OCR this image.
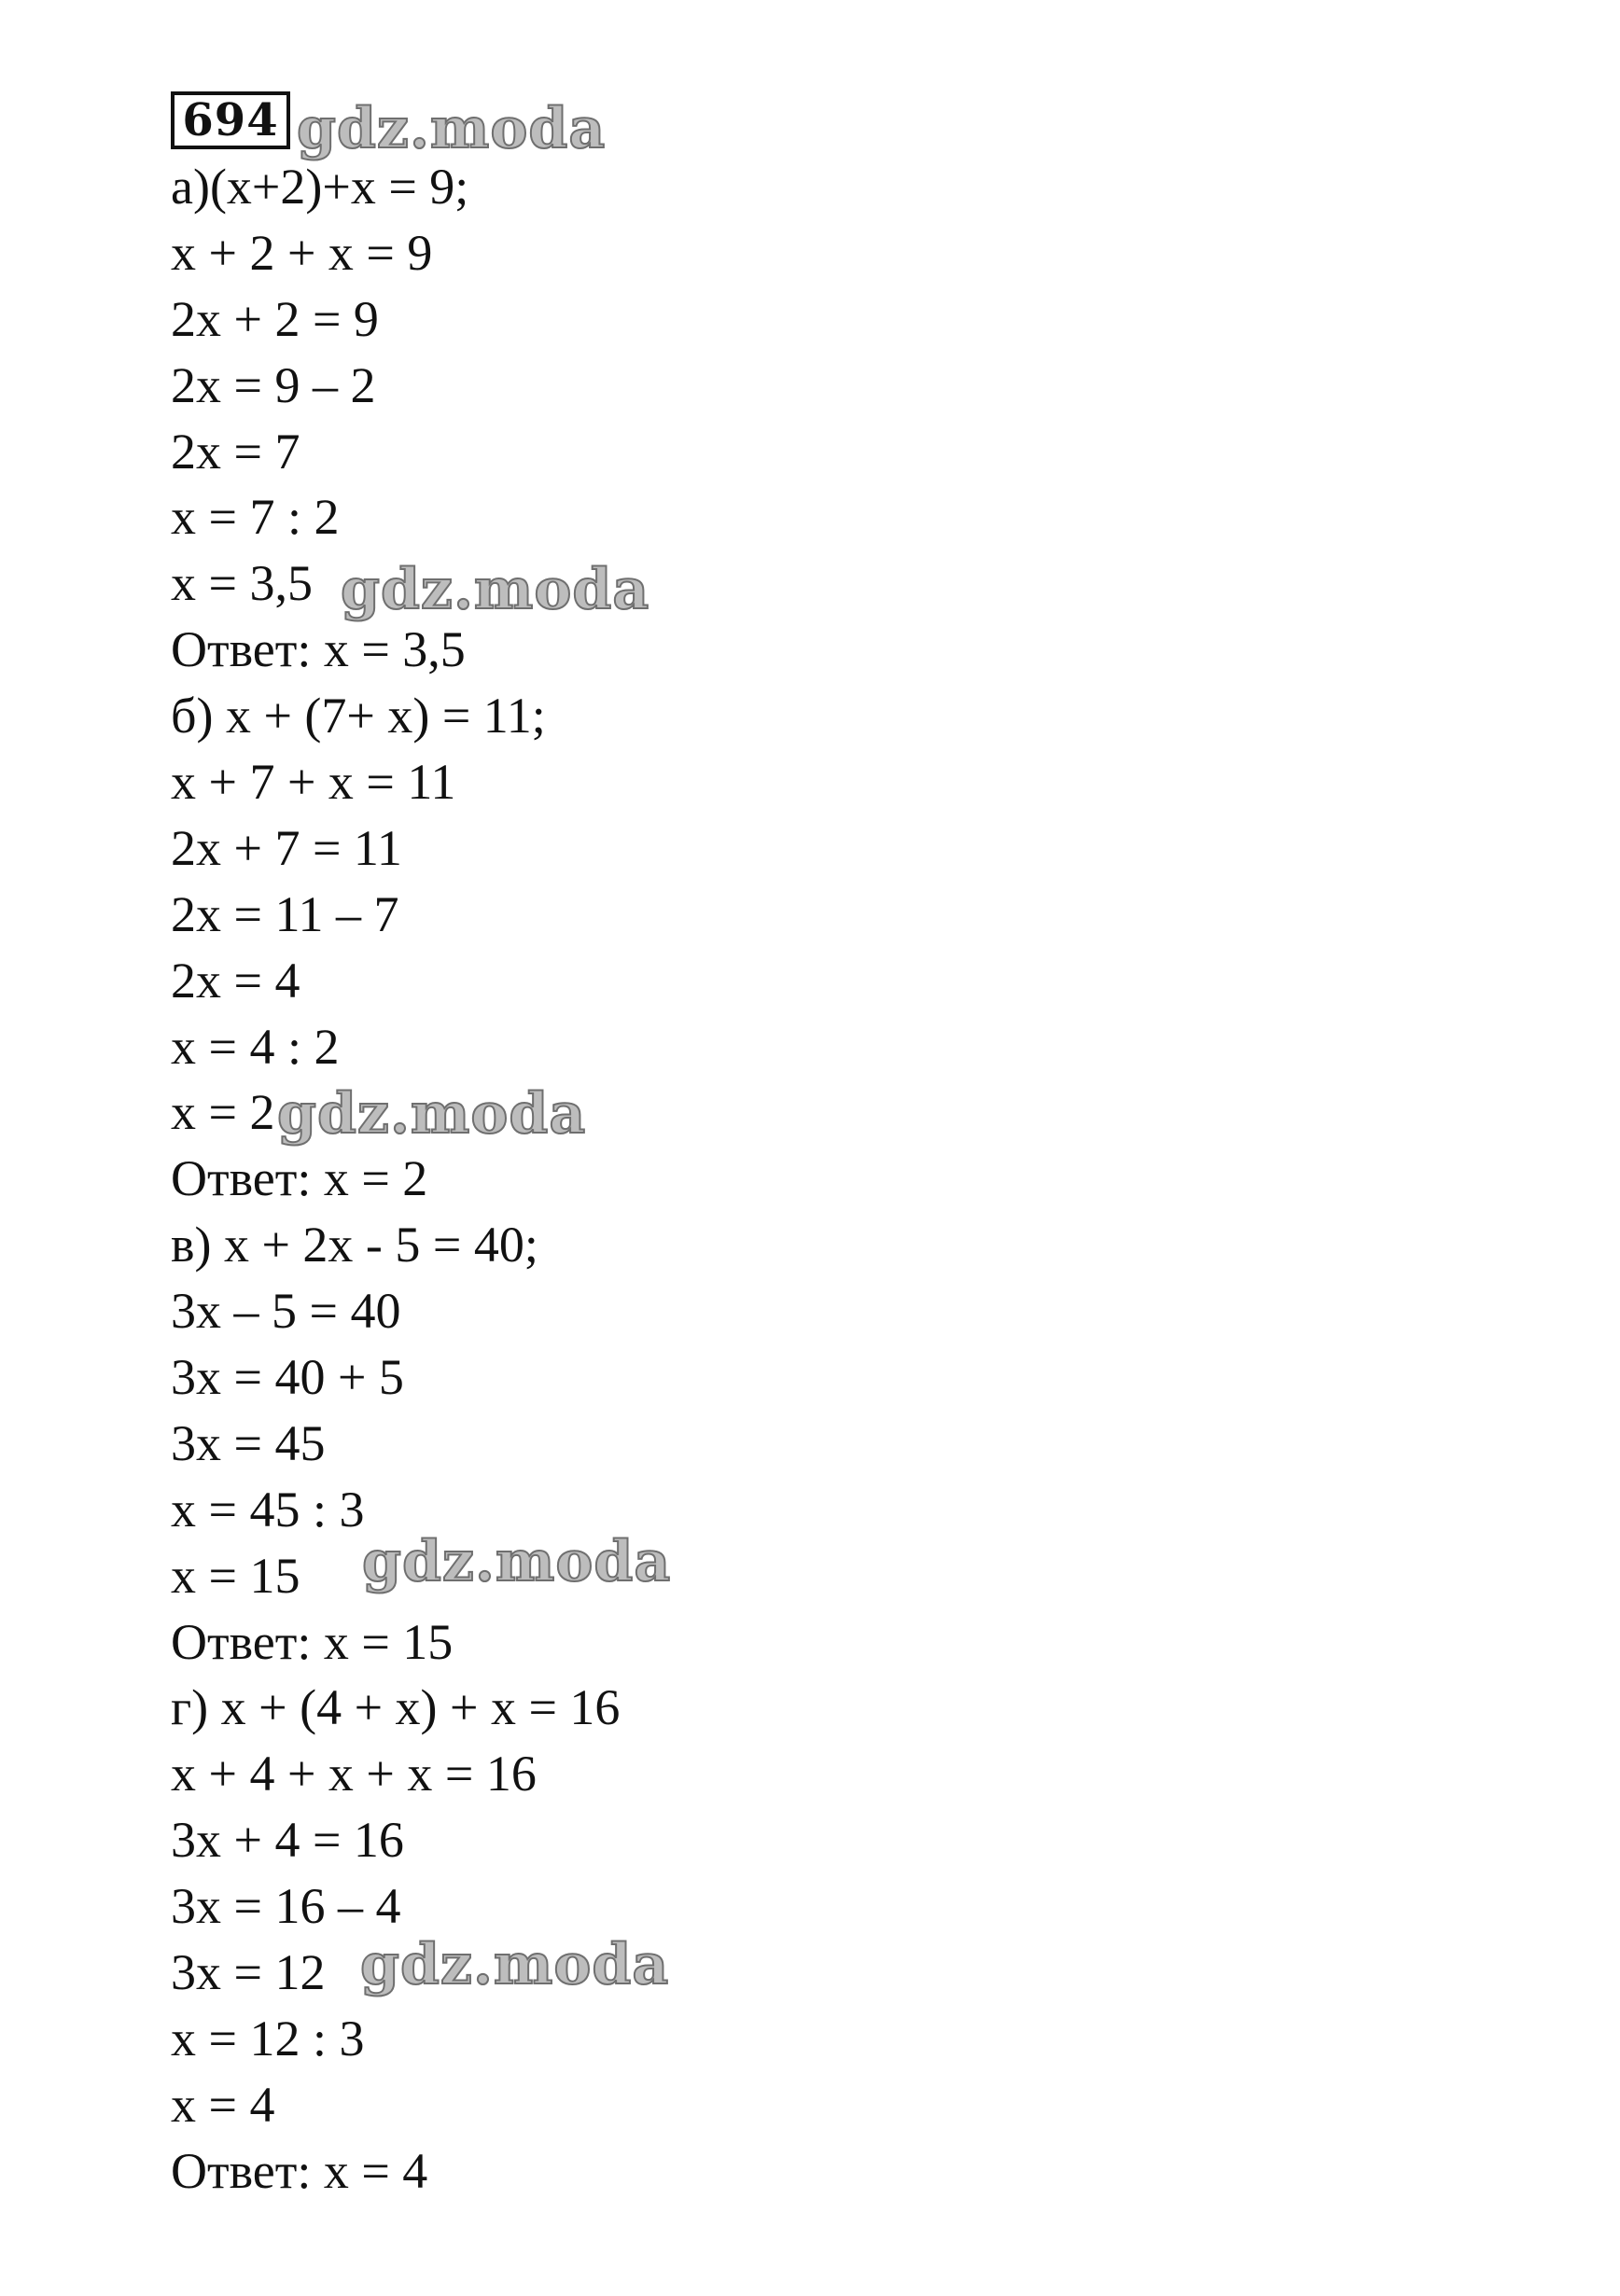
694
а)(x+2)+x = 9;
x + 2 + x = 9
2x + 2 = 9
2x = 9 – 2
2x = 7
x = 7 : 2
x = 3,5
Ответ: x = 3,5
б) x + (7+ x) = 11;
x + 7 + x = 11
2x + 7 = 11
2x = 11 – 7
2x = 4
x = 4 : 2
x = 2
Ответ: x = 2
в) x + 2x - 5 = 40;
3x – 5 = 40
3x = 40 + 5
3x = 45
x = 45 : 3
x = 15
Ответ: x = 15
г) x + (4 + x) + x = 16
x + 4 + x + x = 16
3x + 4 = 16
3x = 16 – 4
3x = 12
x = 12 : 3
x = 4
Ответ: x = 4
gdz.moda
gdz.moda
gdz.moda
gdz.moda
gdz.moda
